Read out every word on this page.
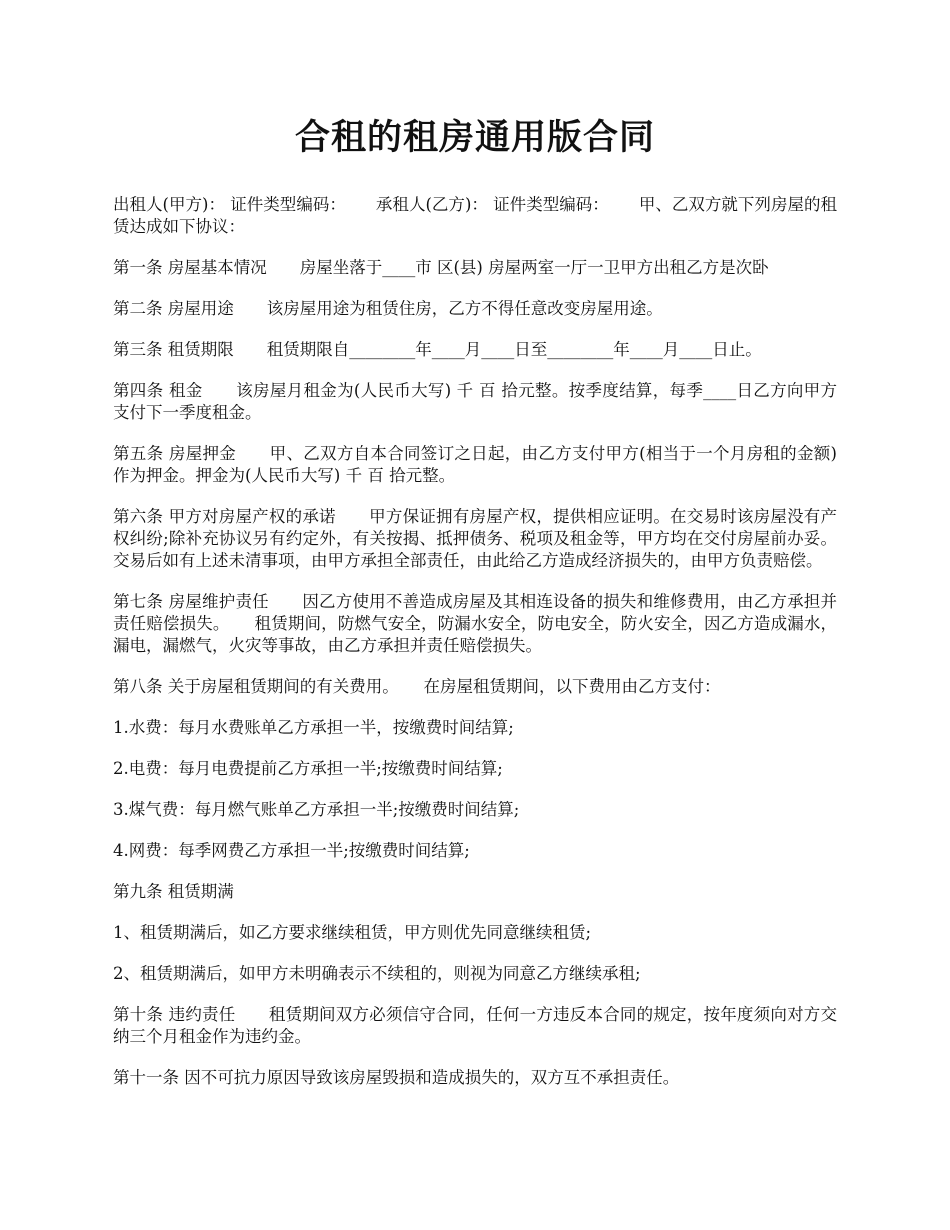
合租的租房通用版合同

出租人(甲方)： 证件类型编码：　　 承租人(乙方)： 证件类型编码：　　 甲、乙双方就下列房屋的租赁达成如下协议：

第一条 房屋基本情况　　房屋坐落于____市 区(县) 房屋两室一厅一卫甲方出租乙方是次卧

第二条 房屋用途　　该房屋用途为租赁住房，乙方不得任意改变房屋用途。

第三条 租赁期限　　租赁期限自________年____月____日至________年____月____日止。

第四条 租金　　该房屋月租金为(人民币大写) 千 百 拾元整。按季度结算，每季____日乙方向甲方支付下一季度租金。

第五条 房屋押金　　甲、乙双方自本合同签订之日起，由乙方支付甲方(相当于一个月房租的金额)作为押金。押金为(人民币大写) 千 百 拾元整。

第六条 甲方对房屋产权的承诺　　甲方保证拥有房屋产权，提供相应证明。在交易时该房屋没有产权纠纷;除补充协议另有约定外，有关按揭、抵押债务、税项及租金等，甲方均在交付房屋前办妥。交易后如有上述未清事项，由甲方承担全部责任，由此给乙方造成经济损失的，由甲方负责赔偿。

第七条 房屋维护责任　　因乙方使用不善造成房屋及其相连设备的损失和维修费用，由乙方承担并责任赔偿损失。　　租赁期间，防燃气安全，防漏水安全，防电安全，防火安全，因乙方造成漏水，漏电，漏燃气，火灾等事故，由乙方承担并责任赔偿损失。

第八条 关于房屋租赁期间的有关费用。　　在房屋租赁期间，以下费用由乙方支付：

1.水费：每月水费账单乙方承担一半，按缴费时间结算;

2.电费：每月电费提前乙方承担一半;按缴费时间结算;

3.煤气费：每月燃气账单乙方承担一半;按缴费时间结算;

4.网费：每季网费乙方承担一半;按缴费时间结算;

第九条 租赁期满

1、租赁期满后，如乙方要求继续租赁，甲方则优先同意继续租赁;

2、租赁期满后，如甲方未明确表示不续租的，则视为同意乙方继续承租;

第十条 违约责任　　租赁期间双方必须信守合同，任何一方违反本合同的规定，按年度须向对方交纳三个月租金作为违约金。

第十一条 因不可抗力原因导致该房屋毁损和造成损失的，双方互不承担责任。
